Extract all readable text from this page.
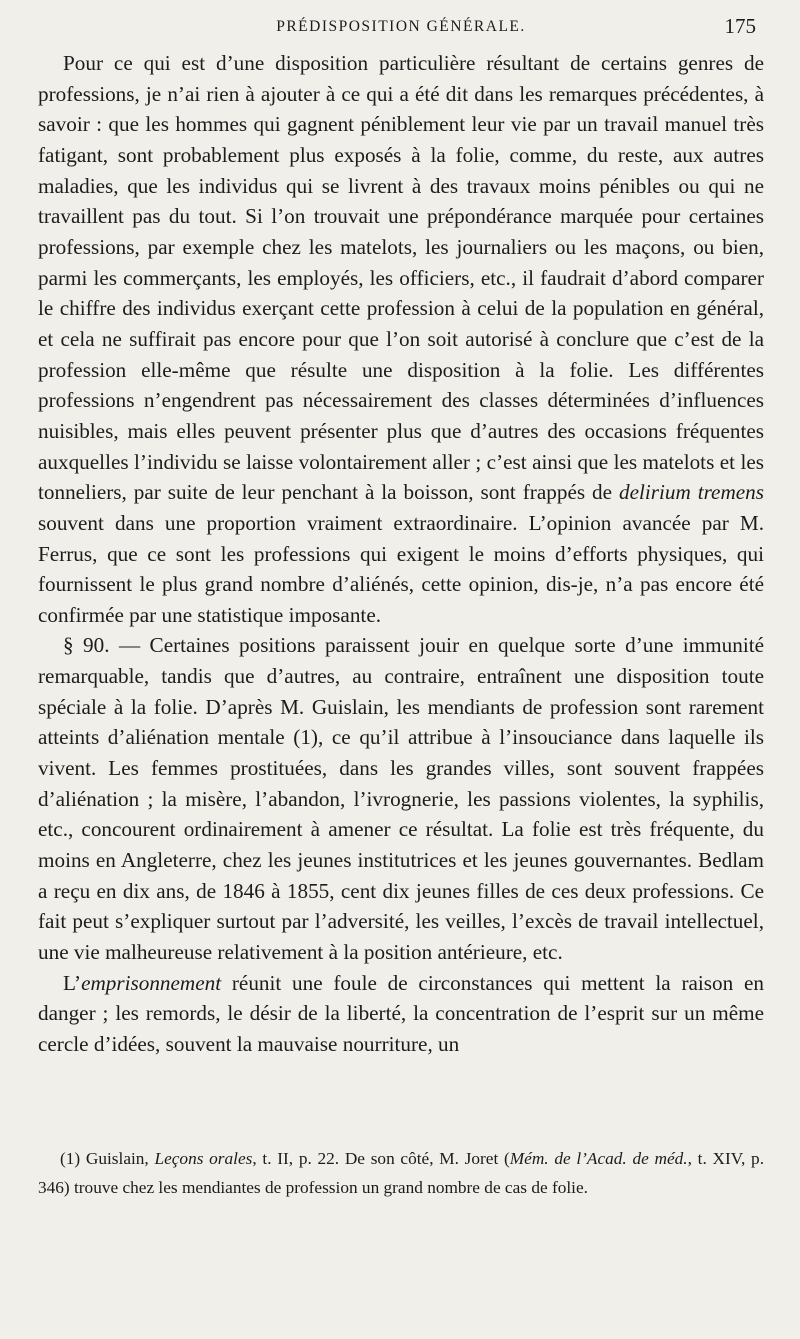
PRÉDISPOSITION GÉNÉRALE.	175

Pour ce qui est d’une disposition particulière résultant de certains genres de professions, je n’ai rien à ajouter à ce qui a été dit dans les remarques précédentes, à savoir : que les hommes qui gagnent péniblement leur vie par un travail manuel très fatigant, sont probablement plus exposés à la folie, comme, du reste, aux autres maladies, que les individus qui se livrent à des travaux moins pénibles ou qui ne travaillent pas du tout. Si l’on trouvait une prépondérance marquée pour certaines professions, par exemple chez les matelots, les journaliers ou les maçons, ou bien, parmi les commerçants, les employés, les officiers, etc., il faudrait d’abord comparer le chiffre des individus exerçant cette profession à celui de la population en général, et cela ne suffirait pas encore pour que l’on soit autorisé à conclure que c’est de la profession elle-même que résulte une disposition à la folie. Les différentes professions n’engendrent pas nécessairement des classes déterminées d’influences nuisibles, mais elles peuvent présenter plus que d’autres des occasions fréquentes auxquelles l’individu se laisse volontairement aller ; c’est ainsi que les matelots et les tonneliers, par suite de leur penchant à la boisson, sont frappés de delirium tremens souvent dans une proportion vraiment extraordinaire. L’opinion avancée par M. Ferrus, que ce sont les professions qui exigent le moins d’efforts physiques, qui fournissent le plus grand nombre d’aliénés, cette opinion, dis-je, n’a pas encore été confirmée par une statistique imposante.

§ 90. — Certaines positions paraissent jouir en quelque sorte d’une immunité remarquable, tandis que d’autres, au contraire, entraînent une disposition toute spéciale à la folie. D’après M. Guislain, les mendiants de profession sont rarement atteints d’aliénation mentale (1), ce qu’il attribue à l’insouciance dans laquelle ils vivent. Les femmes prostituées, dans les grandes villes, sont souvent frappées d’aliénation ; la misère, l’abandon, l’ivrognerie, les passions violentes, la syphilis, etc., concourent ordinairement à amener ce résultat. La folie est très fréquente, du moins en Angleterre, chez les jeunes institutrices et les jeunes gouvernantes. Bedlam a reçu en dix ans, de 1846 à 1855, cent dix jeunes filles de ces deux professions. Ce fait peut s’expliquer surtout par l’adversité, les veilles, l’excès de travail intellectuel, une vie malheureuse relativement à la position antérieure, etc.

L’emprisonnement réunit une foule de circonstances qui mettent la raison en danger ; les remords, le désir de la liberté, la concentration de l’esprit sur un même cercle d’idées, souvent la mauvaise nourriture, un

(1) Guislain, Leçons orales, t. II, p. 22. De son côté, M. Joret (Mém. de l’Acad. de méd., t. XIV, p. 346) trouve chez les mendiantes de profession un grand nombre de cas de folie.
